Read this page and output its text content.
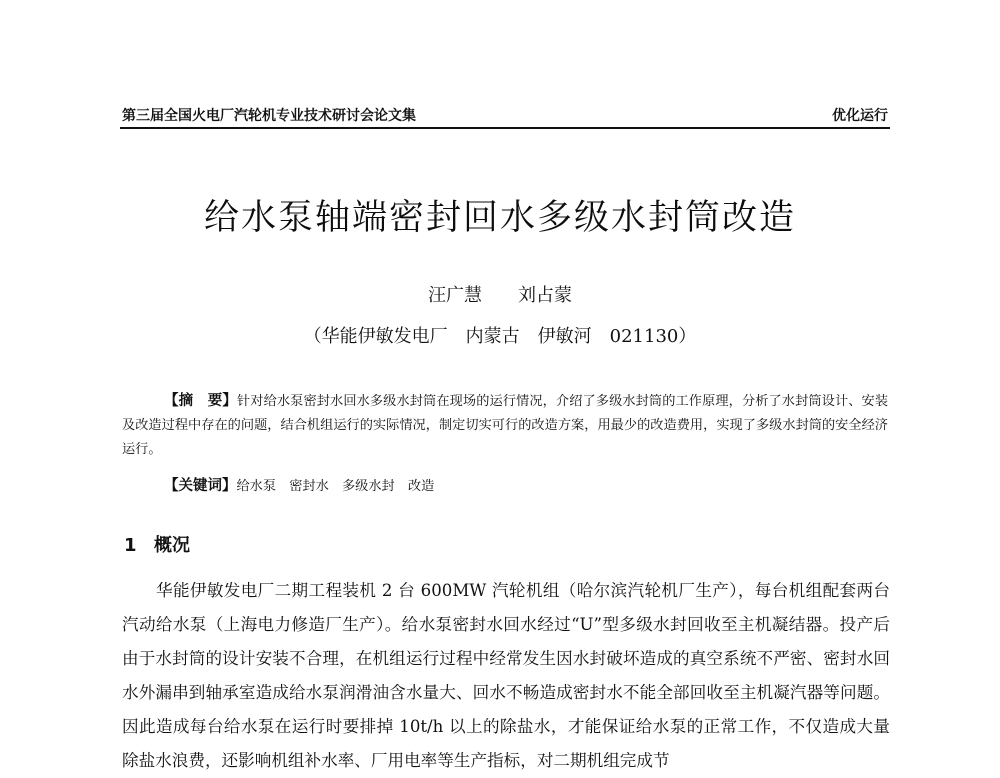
第三届全国火电厂汽轮机专业技术研讨会论文集	优化运行
给水泵轴端密封回水多级水封筒改造
汪广慧 刘占蒙
（华能伊敏发电厂　内蒙古　伊敏河　021130）
【摘　要】针对给水泵密封水回水多级水封筒在现场的运行情况，介绍了多级水封筒的工作原理，分析了水封筒设计、安装及改造过程中存在的问题，结合机组运行的实际情况，制定切实可行的改造方案，用最少的改造费用，实现了多级水封筒的安全经济运行。
【关键词】给水泵　密封水　多级水封　改造
1 概况
华能伊敏发电厂二期工程装机 2 台 600MW 汽轮机组（哈尔滨汽轮机厂生产），每台机组配套两台汽动给水泵（上海电力修造厂生产）。给水泵密封水回水经过“U”型多级水封回收至主机凝结器。投产后由于水封筒的设计安装不合理，在机组运行过程中经常发生因水封破坏造成的真空系统不严密、密封水回水外漏串到轴承室造成给水泵润滑油含水量大、回水不畅造成密封水不能全部回收至主机凝汽器等问题。因此造成每台给水泵在运行时要排掉 10t/h 以上的除盐水，才能保证给水泵的正常工作，不仅造成大量除盐水浪费，还影响机组补水率、厂用电率等生产指标，对二期机组完成节
